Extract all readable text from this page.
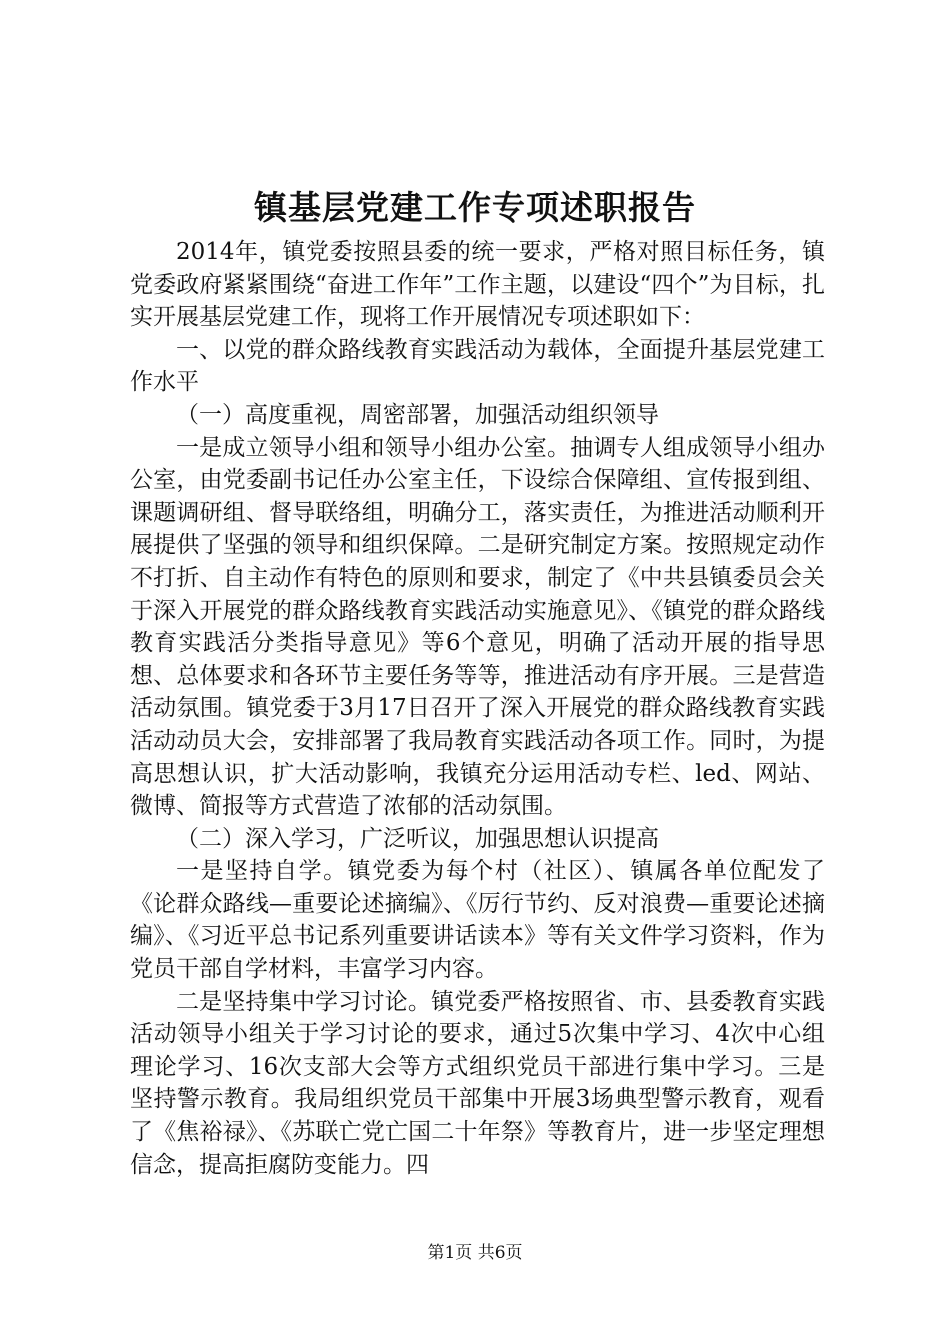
镇基层党建工作专项述职报告

2014年，镇党委按照县委的统一要求，严格对照目标任务，镇党委政府紧紧围绕“奋进工作年”工作主题，以建设“四个”为目标，扎实开展基层党建工作，现将工作开展情况专项述职如下：

一、以党的群众路线教育实践活动为载体，全面提升基层党建工作水平

（一）高度重视，周密部署，加强活动组织领导

一是成立领导小组和领导小组办公室。抽调专人组成领导小组办公室，由党委副书记任办公室主任，下设综合保障组、宣传报到组、课题调研组、督导联络组，明确分工，落实责任，为推进活动顺利开展提供了坚强的领导和组织保障。二是研究制定方案。按照规定动作不打折、自主动作有特色的原则和要求，制定了《中共县镇委员会关于深入开展党的群众路线教育实践活动实施意见》、《镇党的群众路线教育实践活分类指导意见》等6个意见，明确了活动开展的指导思想、总体要求和各环节主要任务等等，推进活动有序开展。三是营造活动氛围。镇党委于3月17日召开了深入开展党的群众路线教育实践活动动员大会，安排部署了我局教育实践活动各项工作。同时，为提高思想认识，扩大活动影响，我镇充分运用活动专栏、led、网站、微博、简报等方式营造了浓郁的活动氛围。

（二）深入学习，广泛听议，加强思想认识提高

一是坚持自学。镇党委为每个村（社区）、镇属各单位配发了《论群众路线—重要论述摘编》、《厉行节约、反对浪费—重要论述摘编》、《习近平总书记系列重要讲话读本》等有关文件学习资料，作为党员干部自学材料，丰富学习内容。

二是坚持集中学习讨论。镇党委严格按照省、市、县委教育实践活动领导小组关于学习讨论的要求，通过5次集中学习、4次中心组理论学习、16次支部大会等方式组织党员干部进行集中学习。三是坚持警示教育。我局组织党员干部集中开展3场典型警示教育，观看了《焦裕禄》、《苏联亡党亡国二十年祭》等教育片，进一步坚定理想信念，提高拒腐防变能力。四

第1页 共6页
